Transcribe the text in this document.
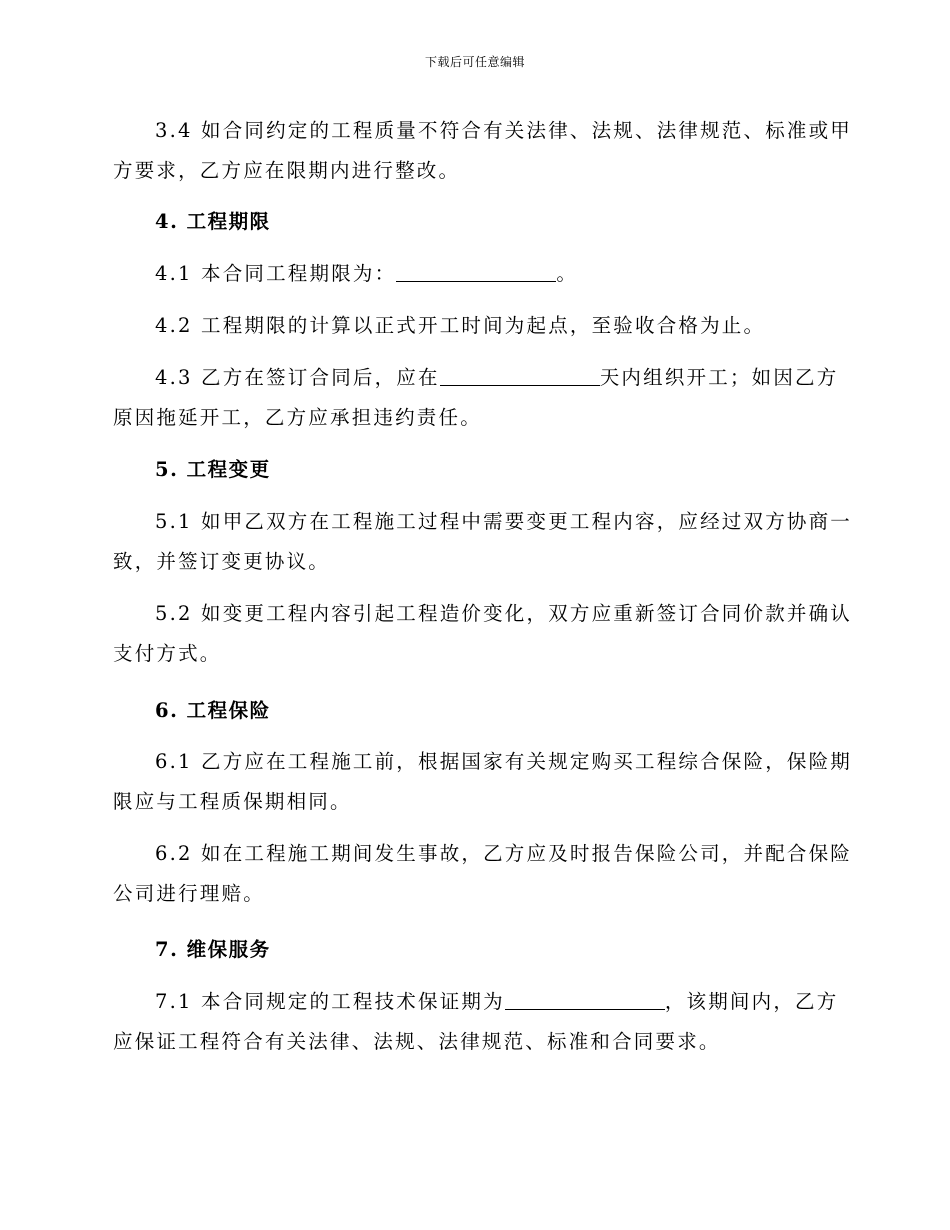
下载后可任意编辑
3.4 如合同约定的工程质量不符合有关法律、法规、法律规范、标准或甲
方要求，乙方应在限期内进行整改。
4. 工程期限
4.1 本合同工程期限为：	。
4.2 工程期限的计算以正式开工时间为起点，至验收合格为止。
4.3 乙方在签订合同后，应在	天内组织开工；如因乙方
原因拖延开工，乙方应承担违约责任。
5. 工程变更
5.1 如甲乙双方在工程施工过程中需要变更工程内容，应经过双方协商一
致，并签订变更协议。
5.2 如变更工程内容引起工程造价变化，双方应重新签订合同价款并确认
支付方式。
6. 工程保险
6.1 乙方应在工程施工前，根据国家有关规定购买工程综合保险，保险期
限应与工程质保期相同。
6.2 如在工程施工期间发生事故，乙方应及时报告保险公司，并配合保险
公司进行理赔。
7. 维保服务
7.1 本合同规定的工程技术保证期为	，该期间内，乙方
应保证工程符合有关法律、法规、法律规范、标准和合同要求。
